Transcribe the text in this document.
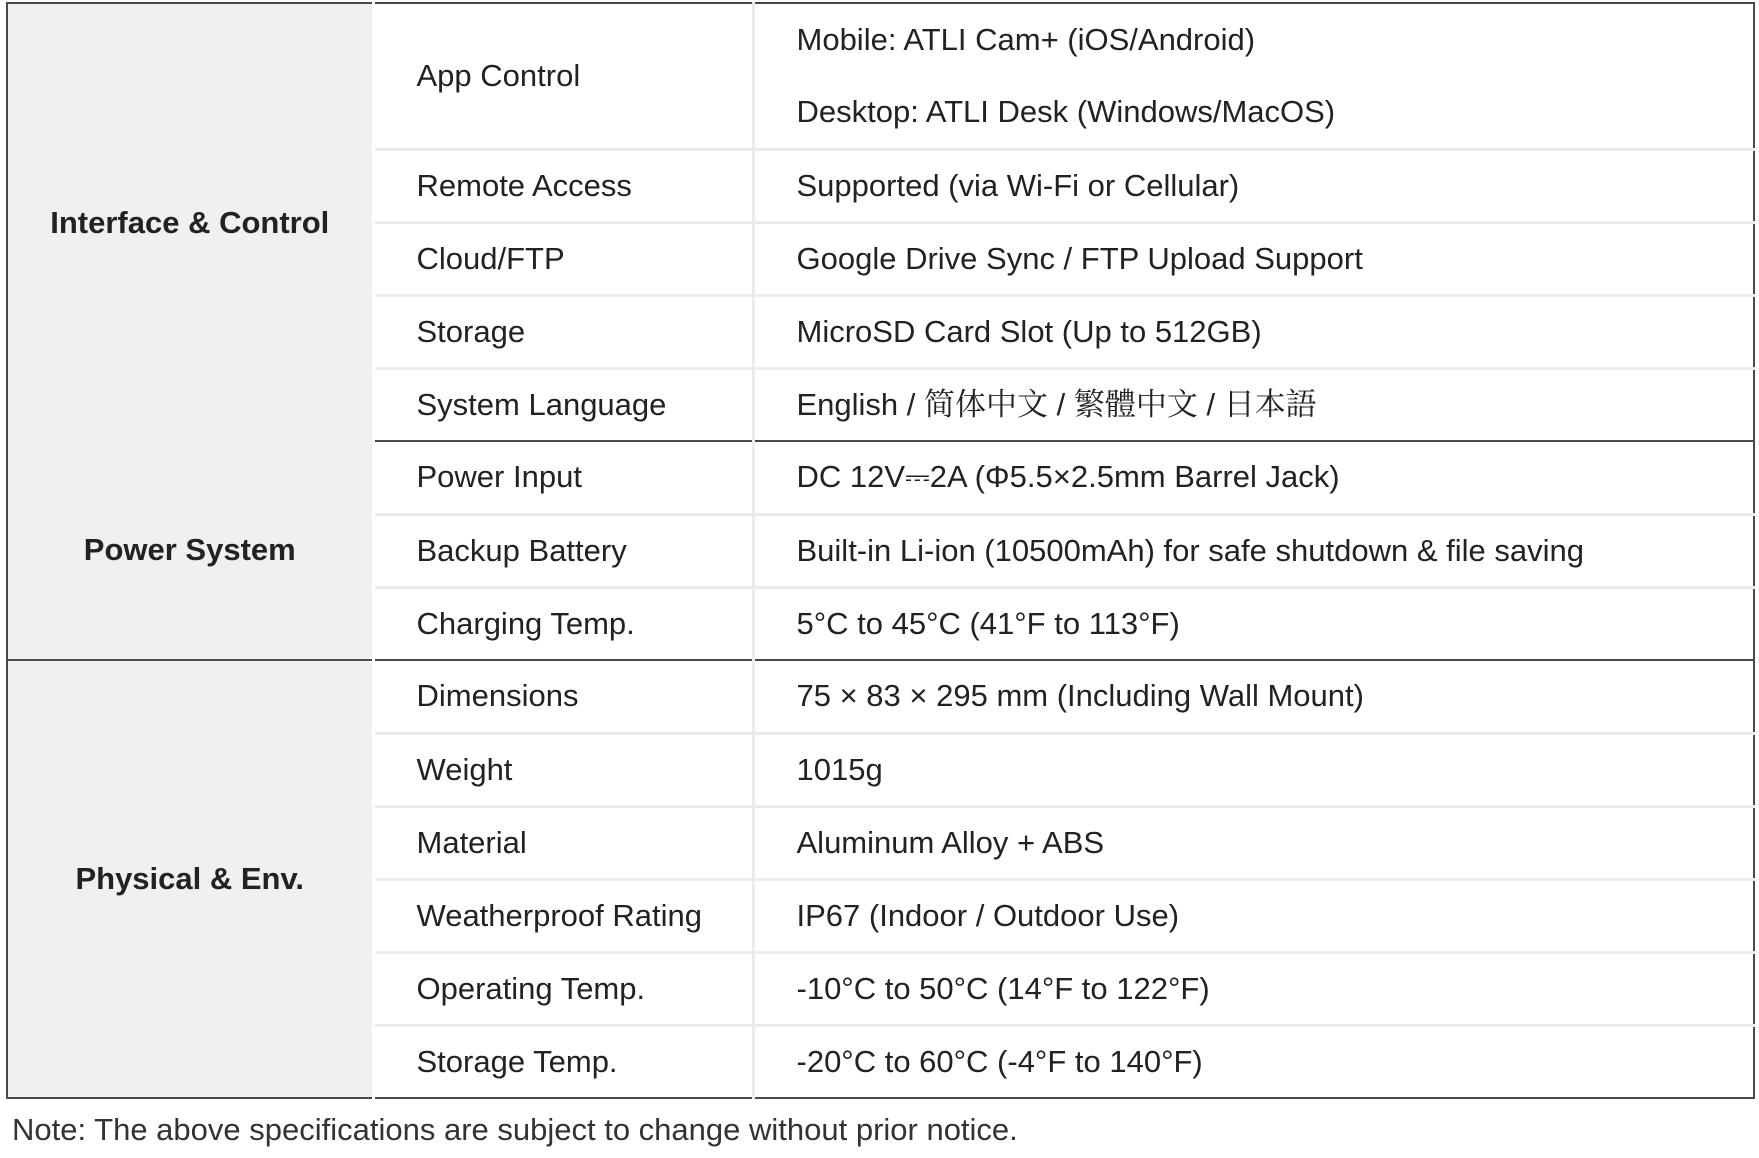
Interface & Control	App Control	Mobile: ATLI Cam+ (iOS/Android)
Desktop: ATLI Desk (Windows/MacOS)

	Remote Access	Supported (via Wi-Fi or Cellular)
	Cloud/FTP	Google Drive Sync / FTP Upload Support
	Storage	MicroSD Card Slot (Up to 512GB)
	System Language	English / 简体中文 / 繁體中文 / 日本語
Power System	Power Input	DC 12V⎓2A (Φ5.5×2.5mm Barrel Jack)
	Backup Battery	Built-in Li-ion (10500mAh) for safe shutdown & file saving
	Charging Temp.	5°C to 45°C (41°F to 113°F)
Physical & Env.	Dimensions	75 × 83 × 295 mm (Including Wall Mount)
	Weight	1015g
	Material	Aluminum Alloy + ABS
	Weatherproof Rating	IP67 (Indoor / Outdoor Use)
	Operating Temp.	-10°C to 50°C (14°F to 122°F)
	Storage Temp.	-20°C to 60°C (-4°F to 140°F)
Note: The above specifications are subject to change without prior notice.
